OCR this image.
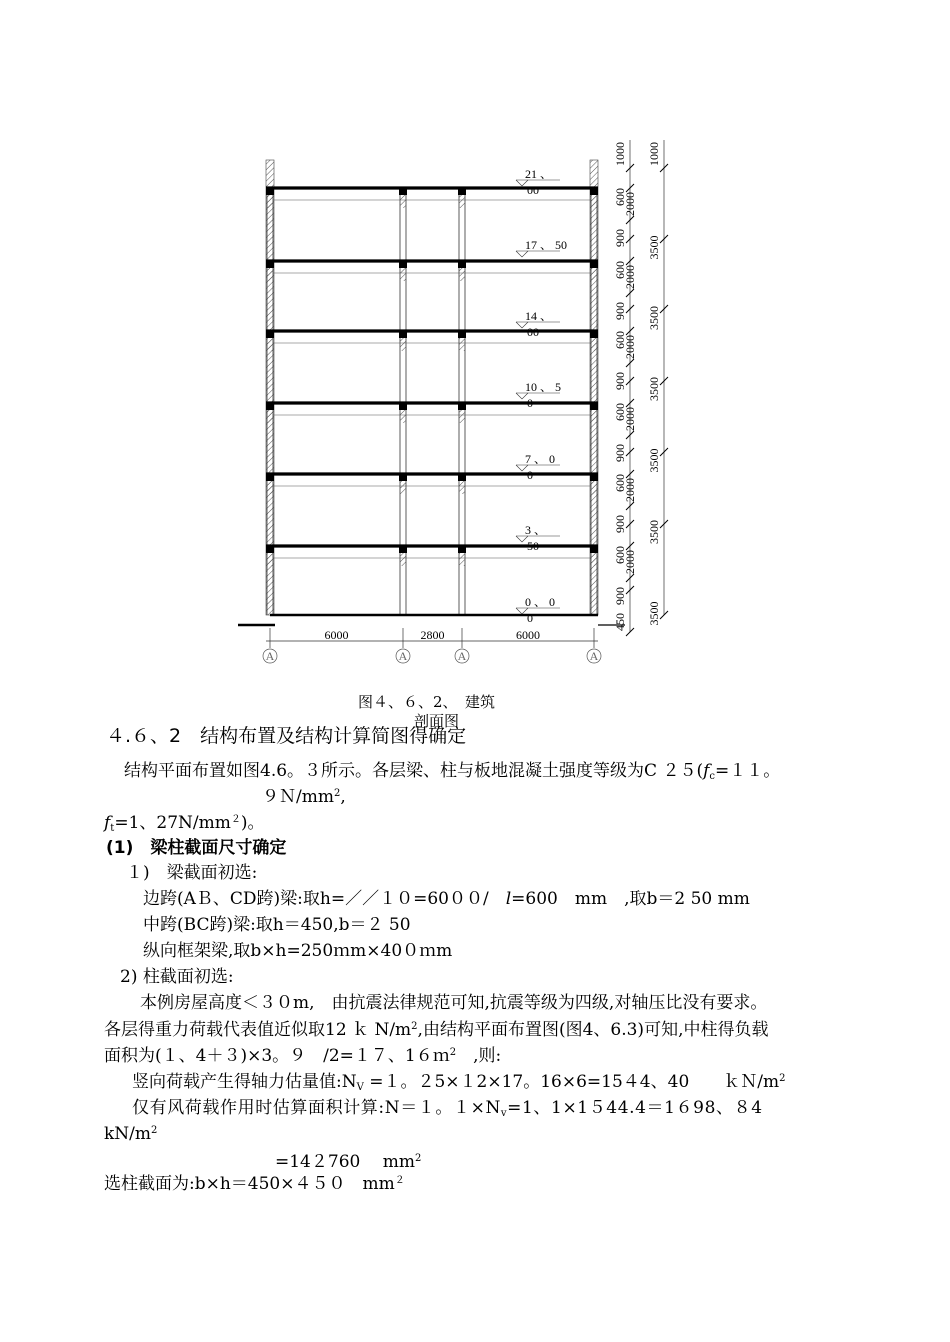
6000	2800	6000
21 、
00
17 、 50
14 、
00
10 、 5
0
7 、 0
0
3 、
50
0 、 0
0
1000
600
2000
900
600
2000
900
600
2000
900
600
2000
900
600
2000
900
600
2000
900
450
1000
3500
3500
3500
3500
3500
3500
A	A	A	A
图４、６、2、　建筑
剖面图
４.６、2　结构布置及结构计算简图得确定
结构平面布置如图4.6。３所示。各层梁、柱与板地混凝土强度等级为C $25(f_c=11$。
$9N/mm^2$,
$f_t=1$、$27N/mm^2$)。
(1)　梁柱截面尺寸确定
１)　梁截面初选:
边跨(AＢ、CD跨)梁:取h=／／１０=60００/　l=600　mm　,取b＝2 50 mm
中跨(BC跨)梁:取h＝450,b＝２ 50
纵向框架梁,取b×h=250ｍm×40０ｍm
2) 柱截面初选:
本例房屋高度＜３０m,　由抗震法律规范可知,抗震等级为四级,对轴压比没有要求。
各层得重力荷载代表值近似取12 ｋ $N/m^2$,由结构平面布置图(图4、6.3)可知,中柱得负载
面积为(１、4＋３)×3。９　/2=１７、1６ｍ$^2$　,则:
竖向荷载产生得轴力估量值$:N_V =1$。２5×１2×17。16×6=15４4、40　　$kN/m^2$
仅有风荷载作用时估算面积计算:N＝１。$1\times N_v=1$、1×1５44.4＝1６98、８4
$kN/m^2$
=14２760　 $mm^2$
选柱截面为:b×h＝450×４５０　$mm^2$
